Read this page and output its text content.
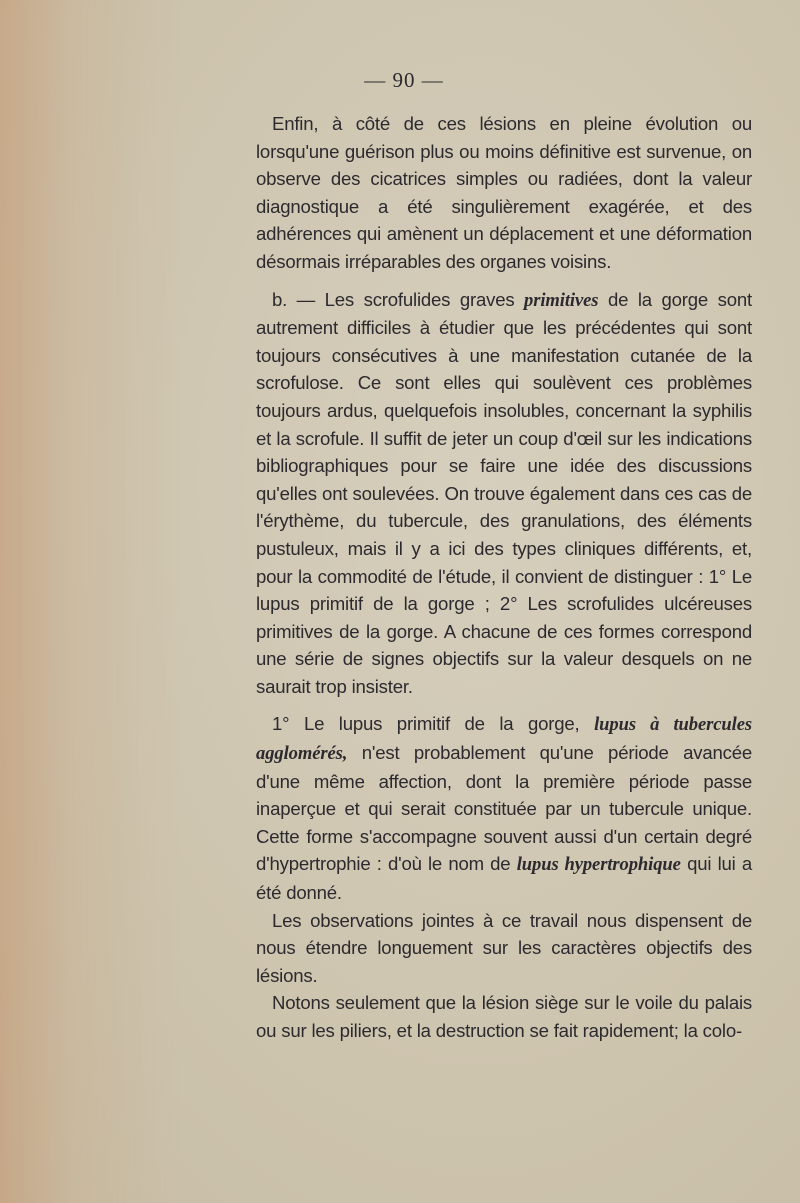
— 90 —

Enfin, à côté de ces lésions en pleine évolution ou lorsqu'une guérison plus ou moins définitive est survenue, on observe des cicatrices simples ou radiées, dont la valeur diagnostique a été singulièrement exagérée, et des adhérences qui amènent un déplacement et une déformation désormais irréparables des organes voisins.

b. — Les scrofulides graves primitives de la gorge sont autrement difficiles à étudier que les précédentes qui sont toujours consécutives à une manifestation cutanée de la scrofulose. Ce sont elles qui soulèvent ces problèmes toujours ardus, quelquefois insolubles, concernant la syphilis et la scrofule. Il suffit de jeter un coup d'œil sur les indications bibliographiques pour se faire une idée des discussions qu'elles ont soulevées. On trouve également dans ces cas de l'érythème, du tubercule, des granulations, des éléments pustuleux, mais il y a ici des types cliniques différents, et, pour la commodité de l'étude, il convient de distinguer : 1° Le lupus primitif de la gorge ; 2° Les scrofulides ulcéreuses primitives de la gorge. A chacune de ces formes correspond une série de signes objectifs sur la valeur desquels on ne saurait trop insister.

1° Le lupus primitif de la gorge, lupus à tubercules agglomérés, n'est probablement qu'une période avancée d'une même affection, dont la première période passe inaperçue et qui serait constituée par un tubercule unique. Cette forme s'accompagne souvent aussi d'un certain degré d'hypertrophie : d'où le nom de lupus hypertrophique qui lui a été donné.

Les observations jointes à ce travail nous dispensent de nous étendre longuement sur les caractères objectifs des lésions.

Notons seulement que la lésion siège sur le voile du palais ou sur les piliers, et la destruction se fait rapidement; la colo-
